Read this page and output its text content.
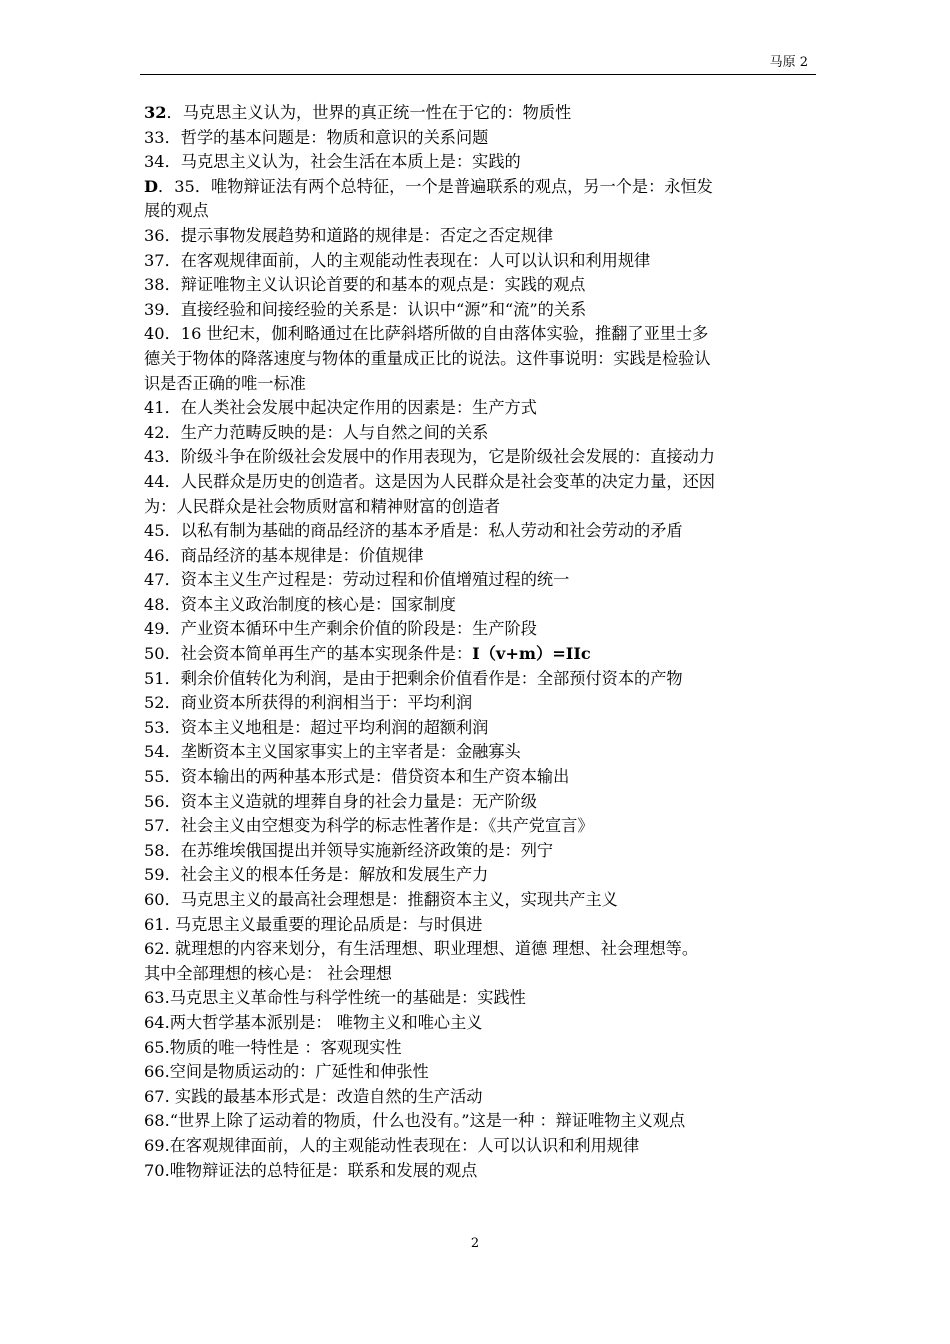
马原 2
32．马克思主义认为，世界的真正统一性在于它的：物质性
33．哲学的基本问题是：物质和意识的关系问题
34．马克思主义认为，社会生活在本质上是：实践的
D．35．唯物辩证法有两个总特征，一个是普遍联系的观点，另一个是：永恒发
展的观点
36．提示事物发展趋势和道路的规律是：否定之否定规律
37．在客观规律面前，人的主观能动性表现在：人可以认识和利用规律
38．辩证唯物主义认识论首要的和基本的观点是：实践的观点
39．直接经验和间接经验的关系是：认识中“源”和“流”的关系
40．16 世纪末，伽利略通过在比萨斜塔所做的自由落体实验，推翻了亚里士多
德关于物体的降落速度与物体的重量成正比的说法。这件事说明：实践是检验认
识是否正确的唯一标准
41．在人类社会发展中起决定作用的因素是：生产方式
42．生产力范畴反映的是：人与自然之间的关系
43．阶级斗争在阶级社会发展中的作用表现为，它是阶级社会发展的：直接动力
44．人民群众是历史的创造者。这是因为人民群众是社会变革的决定力量，还因
为：人民群众是社会物质财富和精神财富的创造者
45．以私有制为基础的商品经济的基本矛盾是：私人劳动和社会劳动的矛盾
46．商品经济的基本规律是：价值规律
47．资本主义生产过程是：劳动过程和价值增殖过程的统一
48．资本主义政治制度的核心是：国家制度
49．产业资本循环中生产剩余价值的阶段是：生产阶段
50．社会资本简单再生产的基本实现条件是：I（v+m）=IIc
51．剩余价值转化为利润，是由于把剩余价值看作是：全部预付资本的产物
52．商业资本所获得的利润相当于：平均利润
53．资本主义地租是：超过平均利润的超额利润
54．垄断资本主义国家事实上的主宰者是：金融寡头
55．资本输出的两种基本形式是：借贷资本和生产资本输出
56．资本主义造就的埋葬自身的社会力量是：无产阶级
57．社会主义由空想变为科学的标志性著作是：《共产党宣言》
58．在苏维埃俄国提出并领导实施新经济政策的是：列宁
59．社会主义的根本任务是：解放和发展生产力
60．马克思主义的最高社会理想是：推翻资本主义，实现共产主义
61. 马克思主义最重要的理论品质是：与时俱进
62. 就理想的内容来划分，有生活理想、职业理想、道德 理想、社会理想等。
其中全部理想的核心是： 社会理想
63.马克思主义革命性与科学性统一的基础是：实践性
64.两大哲学基本派别是： 唯物主义和唯心主义
65.物质的唯一特性是 ：客观现实性
66.空间是物质运动的：广延性和伸张性
67. 实践的最基本形式是：改造自然的生产活动
68.“世界上除了运动着的物质，什么也没有。”这是一种 ：辩证唯物主义观点
69.在客观规律面前，人的主观能动性表现在：人可以认识和利用规律
70.唯物辩证法的总特征是：联系和发展的观点
2
